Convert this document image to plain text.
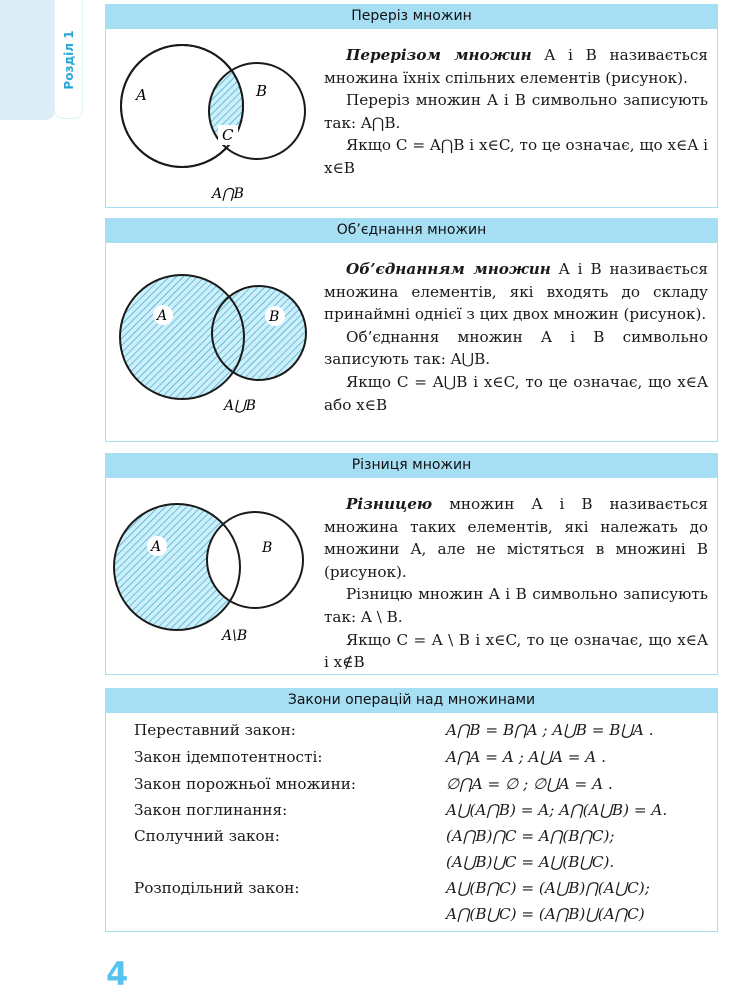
Розділ 1
Переріз множин
A	B
C
A⋂B

Перерізом множин A і B називається множина їхніх спільних елементів (рисунок).

Переріз множин A і B символьно записують так: A⋂B.

Якщо C = A⋂B і x∈C, то це означає, що x∈A і x∈B

Об’єднання множин
A	B
A⋃B

Об’єднанням множин A і B називається множина елементів, які входять до складу принаймні однієї з цих двох множин (рисунок).

Об’єднання множин A і B символьно записують так: A⋃B.

Якщо C = A⋃B і x∈C, то це означає, що x∈A або x∈B

Різниця множин
A	B
A\B

Різницею множин A і B називається множина таких елементів, які належать до множини A, але не містяться в множині B (рисунок).

Різницю множин A і B символьно записують так: A \ B.

Якщо C = A \ B і x∈C, то це означає, що x∈A і x∉B

Закони операцій над множинами
Переставний закон:	A⋂B = B⋂A ; A⋃B = B⋃A .
Закон ідемпотентності:	A⋂A = A ; A⋃A = A .
Закон порожньої множини:	∅⋂A = ∅ ; ∅⋃A = A .
Закон поглинання:	A⋃(A⋂B) = A; A⋂(A⋃B) = A.
Сполучний закон:	(A⋂B)⋂C = A⋂(B⋂C);
(A⋃B)⋃C = A⋃(B⋃C).
Розподільний закон:	A⋃(B⋂C) = (A⋃B)⋂(A⋃C);
A⋂(B⋃C) = (A⋂B)⋃(A⋂C)
4
